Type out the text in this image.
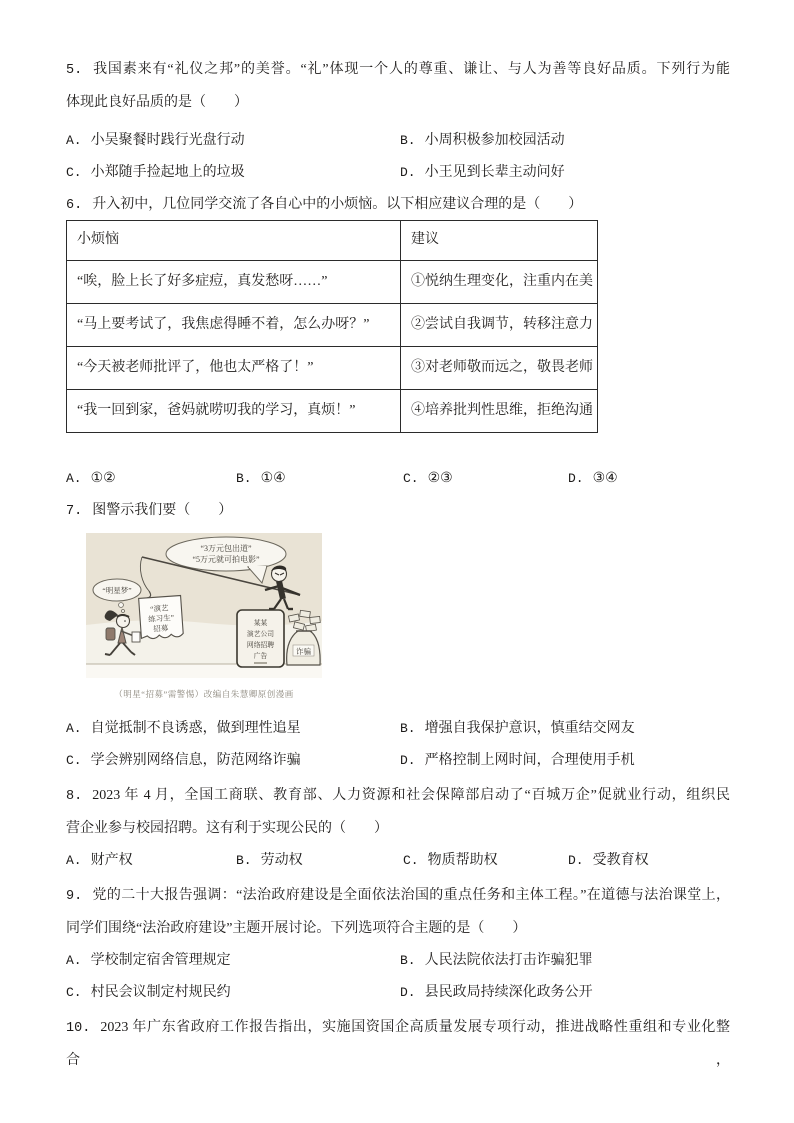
5. 我国素来有“礼仪之邦”的美誉。“礼”体现一个人的尊重、谦让、与人为善等良好品质。下列行为能
体现此良好品质的是（　　）
A. 小吴聚餐时践行光盘行动	B. 小周积极参加校园活动
C. 小郑随手捡起地上的垃圾	D. 小王见到长辈主动问好
6. 升入初中，几位同学交流了各自心中的小烦恼。以下相应建议合理的是（　　）
小烦恼	建议
“唉，脸上长了好多症痘，真发愁呀……”	①悦纳生理变化，注重内在美
“马上要考试了，我焦虑得睡不着，怎么办呀？”	②尝试自我调节，转移注意力
“今天被老师批评了，他也太严格了！”	③对老师敬而远之，敬畏老师
“我一回到家，爸妈就唠叨我的学习，真烦！”	④培养批判性思维，拒绝沟通
A. ①②	B. ①④	C. ②③	D. ③④
7. 图警示我们要（　　）
“3万元包出道”
“5万元就可拍电影”
“演艺
练习生”
招募
“明星梦”
某某
演艺公司
网络招聘
广告
诈骗
（明星“招募”需警惕）改编自朱慧卿原创漫画
A. 自觉抵制不良诱惑，做到理性追星	B. 增强自我保护意识，慎重结交网友
C. 学会辨别网络信息，防范网络诈骗	D. 严格控制上网时间，合理使用手机
8. 2023 年 4 月，全国工商联、教育部、人力资源和社会保障部启动了“百城万企”促就业行动，组织民
营企业参与校园招聘。这有利于实现公民的（　　）
A. 财产权	B. 劳动权	C. 物质帮助权	D. 受教育权
9. 党的二十大报告强调：“法治政府建设是全面依法治国的重点任务和主体工程。”在道德与法治课堂上，
同学们围绕“法治政府建设”主题开展讨论。下列选项符合主题的是（　　）
A. 学校制定宿舍管理规定	B. 人民法院依法打击诈骗犯罪
C. 村民会议制定村规民约	D. 县民政局持续深化政务公开
10. 2023 年广东省政府工作报告指出，实施国资国企高质量发展专项行动，推进战略性重组和专业化整合，
